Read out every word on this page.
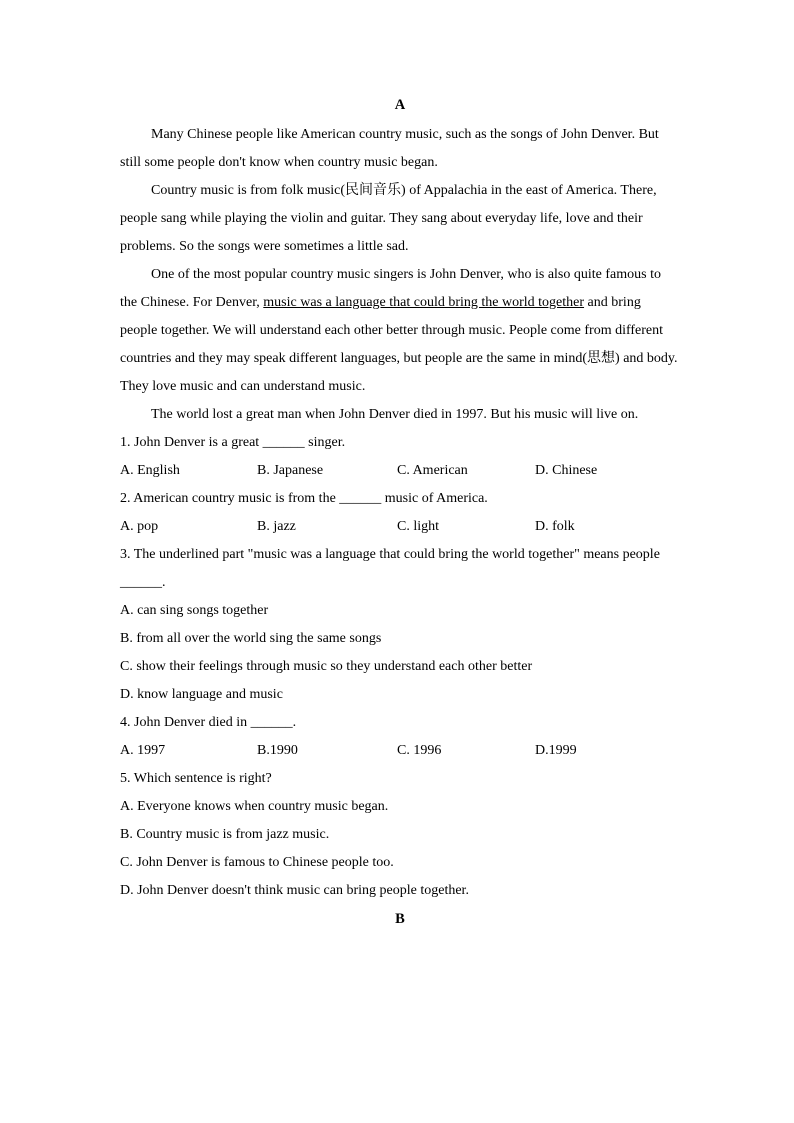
A

Many Chinese people like American country music, such as the songs of John Denver. But still some people don't know when country music began.

Country music is from folk music(民间音乐) of Appalachia in the east of America. There, people sang while playing the violin and guitar. They sang about everyday life, love and their problems. So the songs were sometimes a little sad.

One of the most popular country music singers is John Denver, who is also quite famous to the Chinese. For Denver, music was a language that could bring the world together and bring people together. We will understand each other better through music. People come from different countries and they may speak different languages, but people are the same in mind(思想) and body. They love music and can understand music.

The world lost a great man when John Denver died in 1997. But his music will live on.

1. John Denver is a great ______ singer.

A. English	B. Japanese	C. American	D. Chinese

2. American country music is from the ______ music of America.

A. pop	B. jazz	C. light	D. folk

3. The underlined part "music was a language that could bring the world together" means people ______.

A. can sing songs together

B. from all over the world sing the same songs

C. show their feelings through music so they understand each other better

D. know language and music

4. John Denver died in ______.

A. 1997	B.1990	C. 1996	D.1999

5. Which sentence is right?

A. Everyone knows when country music began.

B. Country music is from jazz music.

C. John Denver is famous to Chinese people too.

D. John Denver doesn't think music can bring people together.

B
